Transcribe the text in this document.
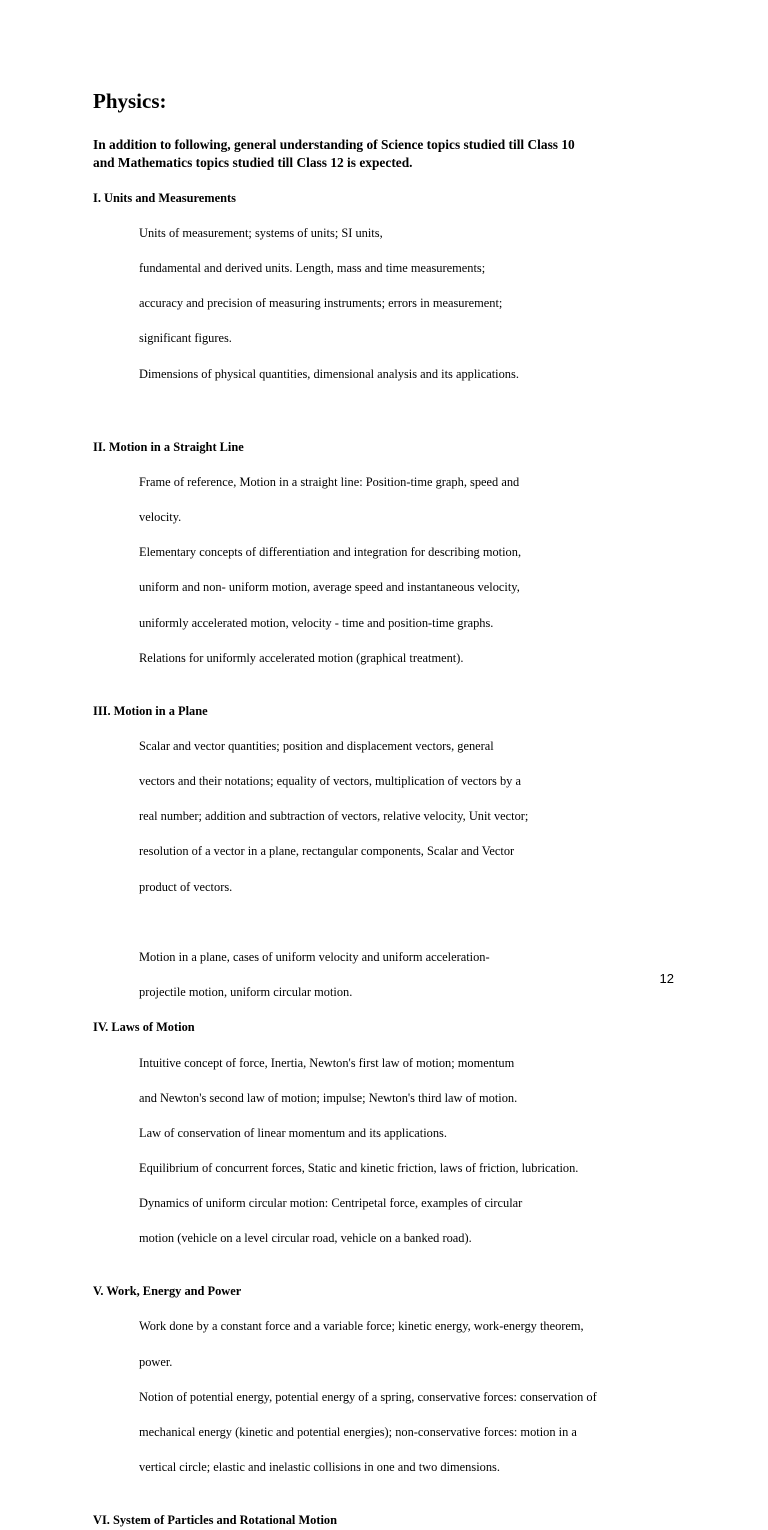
Physics:

In addition to following, general understanding of Science topics studied till Class 10
and Mathematics topics studied till Class 12 is expected.

I. Units and Measurements

Units of measurement; systems of units; SI units,

fundamental and derived units. Length, mass and time measurements;

accuracy and precision of measuring instruments; errors in measurement;

significant figures.

Dimensions of physical quantities, dimensional analysis and its applications.

II. Motion in a Straight Line

Frame of reference, Motion in a straight line: Position-time graph, speed and

velocity.

Elementary concepts of differentiation and integration for describing motion,

uniform and non- uniform motion, average speed and instantaneous velocity,

uniformly accelerated motion, velocity - time and position-time graphs.

Relations for uniformly accelerated motion (graphical treatment).

III. Motion in a Plane

Scalar and vector quantities; position and displacement vectors, general

vectors and their notations; equality of vectors, multiplication of vectors by a

real number; addition and subtraction of vectors, relative velocity, Unit vector;

resolution of a vector in a plane, rectangular components, Scalar and Vector

product of vectors.

Motion in a plane, cases of uniform velocity and uniform acceleration-

projectile motion, uniform circular motion.

IV. Laws of Motion

Intuitive concept of force, Inertia, Newton's first law of motion; momentum

and Newton's second law of motion; impulse; Newton's third law of motion.

Law of conservation of linear momentum and its applications.

Equilibrium of concurrent forces, Static and kinetic friction, laws of friction, lubrication.

Dynamics of uniform circular motion: Centripetal force, examples of circular

motion (vehicle on a level circular road, vehicle on a banked road).

V. Work, Energy and Power

Work done by a constant force and a variable force; kinetic energy, work-energy theorem,

power.

Notion of potential energy, potential energy of a spring, conservative forces: conservation of

mechanical energy (kinetic and potential energies); non-conservative forces: motion in a

vertical circle; elastic and inelastic collisions in one and two dimensions.

VI. System of Particles and Rotational Motion
12
